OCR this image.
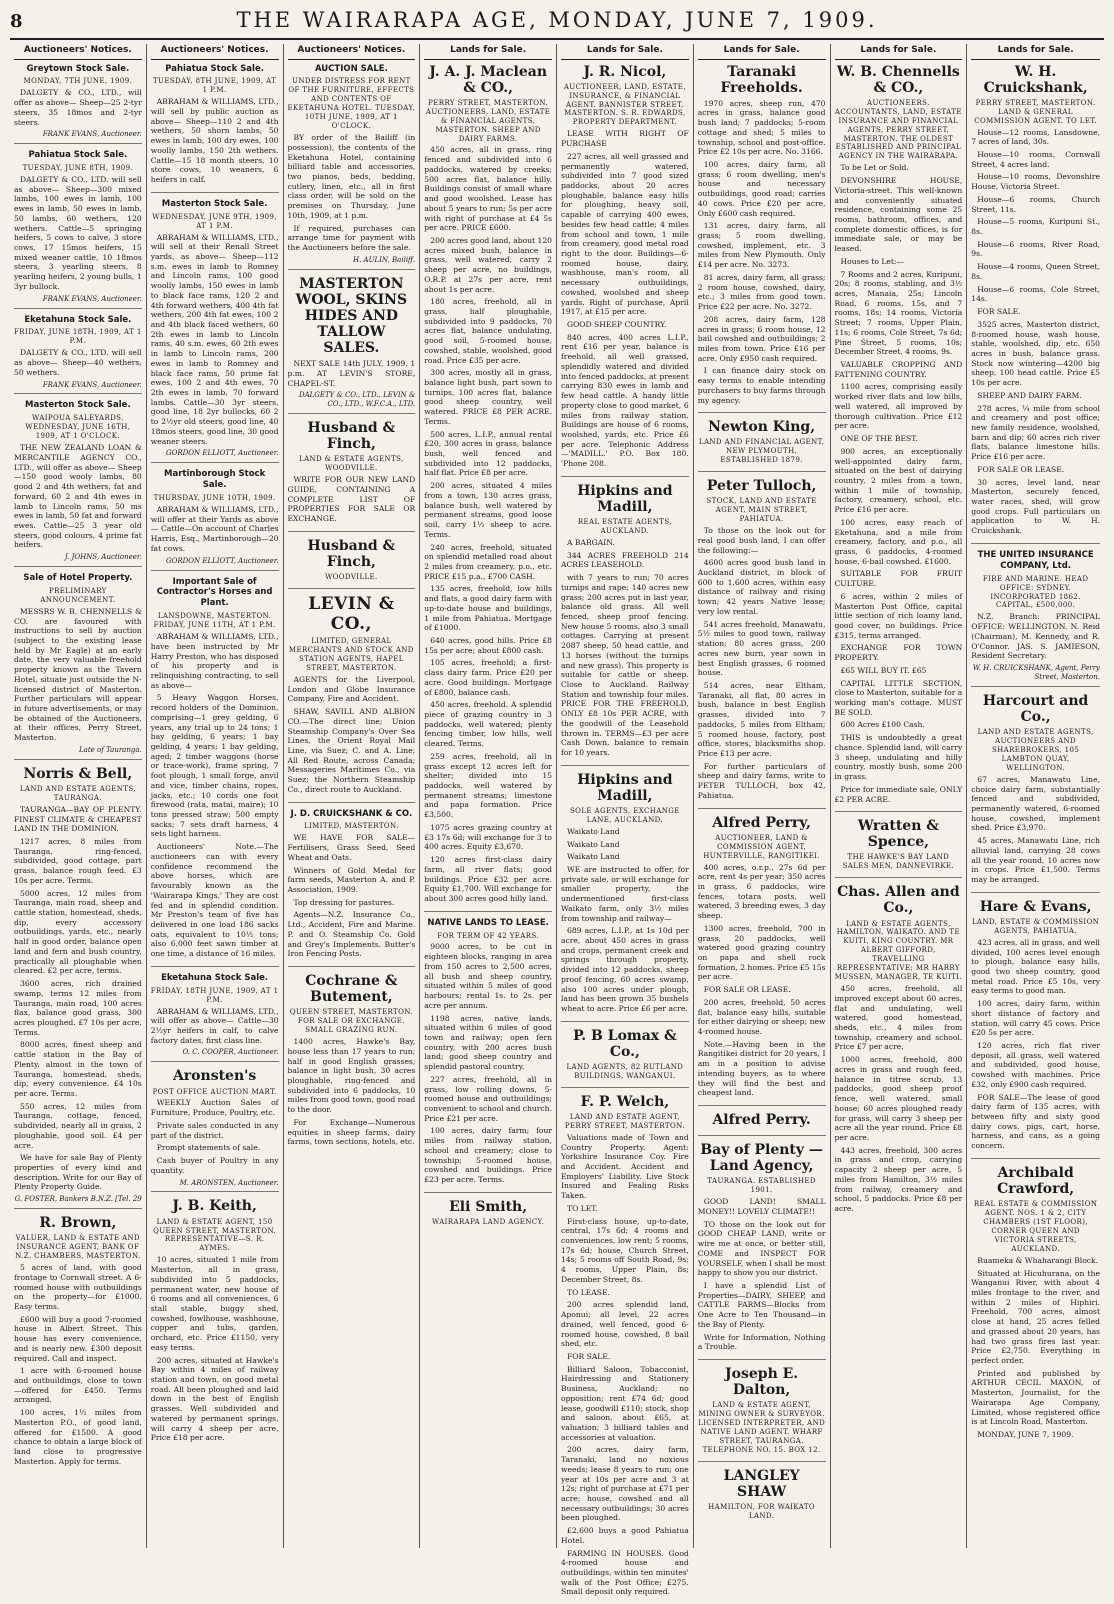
8	THE WAIRARAPA AGE, MONDAY, JUNE 7, 1909.
Auctioneers' Notices.
Greytown Stock Sale.
MONDAY, 7TH JUNE, 1909.

DALGETY & CO., LTD., will offer as above— Sheep—25 2-tyr steers, 35 18mos and 2-tyr steers.

FRANK EVANS, Auctioneer.
Pahiatua Stock Sale.
TUESDAY, JUNE 8TH, 1909.

DALGETY & CO., LTD. will sell as above— Sheep—300 mixed lambs, 100 ewes in lamb, 100 ewes in lamb, 50 ewes in lamb, 50 lambs, 60 wethers, 120 wethers. Cattle—5 springing heifers, 5 cows to calve, 3 store cows, 17 15mos heifers, 15 mixed weaner cattle, 10 18mos steers, 3 yearling steers, 8 yearling heifers, 2 young bulls, 1 3yr bullock.

FRANK EVANS, Auctioneer.
Eketahuna Stock Sale.
FRIDAY, JUNE 18TH, 1909, AT 1 P.M.

DALGETY & CO., LTD. will sell as above— Sheep—40 wethers, 50 wethers.

FRANK EVANS, Auctioneer.
Masterton Stock Sale.
WAIPOUA SALEYARDS. WEDNESDAY, JUNE 16TH, 1909, AT 1 O'CLOCK.

THE NEW ZEALAND LOAN & MERCANTILE AGENCY CO., LTD., will offer as above— Sheep—150 good wooly lambs, 80 good 2 and 4th wethers, fat and forward, 60 2 and 4th ewes in lamb to Lincoln rams, 50 ms ewes in lamb, 50 fat and forward ewes. Cattle—25 3 year old steers, good colours, 4 prime fat heifers.

J. JOHNS, Auctioneer.
Sale of Hotel Property.
PRELIMINARY ANNOUNCEMENT.

MESSRS W. B. CHENNELLS & CO. are favoured with instructions to sell by auction (subject to the existing lease held by Mr Eagle) at an early date, the very valuable freehold property known as the Tavern Hotel, situate just outside the N-licensed district of Masterton. Further particulars will appear in future advertisements, or may be obtained of the Auctioneers, at their offices, Perry Street, Masterton.

Late of Tauranga.
Norris & Bell,
LAND AND ESTATE AGENTS, TAURANGA.

TAURANGA—BAY OF PLENTY. FINEST CLIMATE & CHEAPEST LAND IN THE DOMINION.

1217 acres, 8 miles from Tauranga, ring-fenced, subdivided, good cottage, part grass, balance rough feed. £3 10s per acre. Terms.

5000 acres, 12 miles from Tauranga, main road, sheep and cattle station, homestead, sheds, dip, every accessory outbuildings, yards, etc., nearly half in good order, balance open land and fern and bush country, practically all ploughable when cleared. £2 per acre, terms.

3600 acres, rich drained swamp, terms 12 miles from Tauranga, main road, 100 acres flax, balance good grass, 300 acres ploughed. £7 10s per acre. Terms.

8000 acres, finest sheep and cattle station in the Bay of Plenty, almost in the town of Tauranga, homestead, sheds, dip, every convenience. £4 10s per acre. Terms.

550 acres, 12 miles from Tauranga, cottage, fenced, subdivided, nearly all in grass, 2 ploughable, good soil. £4 per acre.

We have for sale Bay of Plenty properties of every kind and description. Write for our Bay of Plenty Property Guide.

G. FOSTER, Bankers B.N.Z. [Tel. 29
R. Brown,
VALUER, LAND & ESTATE AND INSURANCE AGENT, BANK OF N.Z. CHAMBERS, MASTERTON.

5 acres of land, with good frontage to Cornwall street. A 6-roomed house with outbuildings on the property—for £1000. Easy terms.

£600 will buy a good 7-roomed house in Albert Street. This house has every convenience, and is nearly new. £300 deposit required. Call and inspect.

1 acre with 6-roomed house and outbuildings, close to town—offered for £450. Terms arranged.

100 acres, 1½ miles from Masterton P.O., of good land, offered for £1500. A good chance to obtain a large block of land close to progressive Masterton. Apply for terms.

Auctioneers' Notices.
Pahiatua Stock Sale.
TUESDAY, 8TH JUNE, 1909, AT 1 P.M.

ABRAHAM & WILLIAMS, LTD., will sell by public auction as above— Sheep—110 2 and 4th wethers, 50 shorn lambs, 50 ewes in lamb, 100 dry ewes, 100 woolly lambs, 150 2th wethers. Cattle—15 18 month steers, 10 store cows, 10 weaners, 6 heifers in calf.

Masterton Stock Sale.
WEDNESDAY, JUNE 9TH, 1909, AT 1 P.M.

ABRAHAM & WILLIAMS, LTD., will sell at their Renall Street yards, as above— Sheep—112 s.m. ewes in lamb to Romney and Lincoln rams, 100 good woolly lambs, 150 ewes in lamb to black face rams, 120 2 and 4th forward wethers, 400 4th fat wethers, 200 4th fat ewes, 100 2 and 4th black faced wethers, 60 2th ewes in lamb to Lincoln rams, 40 s.m. ewes, 60 2th ewes in lamb to Lincoln rams, 200 ewes in lamb to Romney and black face rams, 50 prime fat ewes, 100 2 and 4th ewes, 70 2th ewes in lamb, 70 forward lambs. Cattle—30 3yr steers, good line, 18 2yr bullocks, 60 2 to 2½yr old steers, good line, 40 18mos steers, good line, 30 good weaner steers.

GORDON ELLIOTT, Auctioneer.
Martinborough Stock Sale.
THURSDAY, JUNE 10TH, 1909.

ABRAHAM & WILLIAMS, LTD., will offer at their Yards as above— Cattle—On account of Charles Harris, Esq., Martinborough—20 fat cows.

GORDON ELLIOTT, Auctioneer.
Important Sale of Contractor's Horses and Plant.
LANSDOWNE, MASTERTON. FRIDAY, JUNE 11TH, AT 1 P.M.

ABRAHAM & WILLIAMS, LTD., have been instructed by Mr Harry Preston, who has disposed of his property and is relinquishing contracting, to sell as above—

5 Heavy Waggon Horses, record holders of the Dominion, comprising—1 grey gelding, 6 years, any trial up to 24 tons; 1 bay gelding, 6 years; 1 bay gelding, 4 years; 1 bay gelding, aged; 2 timber waggons (horse or trace-work), frame spring, 7 foot plough, 1 small forge, anvil and vice, timber chains, ropes, jacks, etc.; 10 cords one foot firewood (rata, matai, maire); 10 tons pressed straw; 500 empty sacks; 7 sets draft harness, 4 sets light harness.

Auctioneers' Note.—The auctioneers can with every confidence recommend the above horses, which are favourably known as the 'Wairarapa Kings.' They are cost fed and in splendid condition. Mr Preston's team of five has delivered in one load 186 sacks oats, equivalent to 10½ tons; also 6,000 feet sawn timber at one time, a distance of 16 miles.

Eketahuna Stock Sale.
FRIDAY, 18TH JUNE, 1909, AT 1 P.M.

ABRAHAM & WILLIAMS, LTD., will offer as above— Cattle—30 2½yr heifers in calf, to calve factory dates, first class line.

O. C. COOPER, Auctioneer.
Aronsten's
POST OFFICE AUCTION MART.

WEEKLY Auction Sales of Furniture, Produce, Poultry, etc.

Private sales conducted in any part of the district.

Prompt statements of sale.

Cash buyer of Poultry in any quantity.

M. ARONSTEN, Auctioneer.
J. B. Keith,
LAND & ESTATE AGENT, 150 QUEEN STREET, MASTERTON. REPRESENTATIVE—S. R. AYMES.

10 acres, situated 1 mile from Masterton, all in grass, subdivided into 5 paddocks, permanent water, new house of 6 rooms and all conveniences, 6 stall stable, buggy shed, cowshed, fowlhouse, washhouse, copper and tubs, garden, orchard, etc. Price £1150, very easy terms.

200 acres, situated at Hawke's Bay within 4 miles of railway station and town, on good metal road. All been ploughed and laid down in the best of English grasses. Well subdivided and watered by permanent springs, will carry 4 sheep per acre. Price £18 per acre.

Auctioneers' Notices.
AUCTION SALE.
UNDER DISTRESS FOR RENT OF THE FURNITURE, EFFECTS AND CONTENTS OF EKETAHUNA HOTEL. TUESDAY, 10TH JUNE, 1909, AT 1 O'CLOCK.

BY order of the Bailiff (in possession), the contents of the Eketahuna Hotel, containing billiard table and accessories, two pianos, beds, bedding, cutlery, linen, etc., all in first class order, will be sold on the premises on Thursday, June 10th, 1909, at 1 p.m.

If required, purchases can arrange time for payment with the Auctioneers before the sale.

H. AULIN, Bailiff.
MASTERTON WOOL, SKINS HIDES AND TALLOW SALES.

NEXT SALE 14th JULY, 1909. 1 p.m. AT LEVIN'S STORE, CHAPEL-ST.

DALGETY & CO., LTD., LEVIN & CO., LTD., W.F.C.A., LTD.
Husband & Finch,
LAND & ESTATE AGENTS, WOODVILLE.

WRITE FOR OUR NEW LAND GUIDE, CONTAINING A COMPLETE LIST OF PROPERTIES FOR SALE OR EXCHANGE.

Husband & Finch,
WOODVILLE.
LEVIN & CO.,
LIMITED, GENERAL MERCHANTS AND STOCK AND STATION AGENTS, HAPEL STREET, MASTERTON.

AGENTS for the Liverpool, London and Globe Insurance Company, Fire and Accident.

SHAW, SAVILL AND ALBION CO.—The direct line; Union Steamship Company's Over Sea Lines, the Orient Royal Mail Line, via Suez; C. and A. Line; All Red Route, across Canada; Messageries Maritimes Co., via Suez; the Northern Steamship Co., direct route to Auckland.

J. D. CRUICKSHANK & CO.
LIMITED, MASTERTON.

WE HAVE FOR SALE—Fertilisers, Grass Seed, Seed Wheat and Oats.

Winners of Gold Medal for farm seeds, Masterton A. and P. Association, 1909.

Top dressing for pastures.

Agents—N.Z. Insurance Co., Ltd., Accident, Fire and Marine. P. and O. Steamship Co. Gold and Grey's Implements. Butter's Iron Fencing Posts.

Cochrane & Butement,
QUEEN STREET, MASTERTON. FOR SALE OR EXCHANGE. SMALL GRAZING RUN.

1400 acres, Hawke's Bay, house less than 17 years to run; half in good English grasses, balance in light bush, 30 acres ploughable, ring-fenced and subdivided into 6 paddocks, 10 miles from good town, good road to the door.

For Exchange—Numerous equities in sheep farms, dairy farms, town sections, hotels, etc.

Lands for Sale.
J. A. J. Maclean & CO.,
PERRY STREET, MASTERTON. AUCTIONEERS, LAND, ESTATE & FINANCIAL AGENTS, MASTERTON. SHEEP AND DAIRY FARMS.

450 acres, all in grass, ring fenced and subdivided into 6 paddocks, watered by creeks; 500 acres flat, balance hilly. Buildings consist of small whare and good woolshed. Lease has about 5 years to run; 5s per acre with right of purchase at £4 5s per acre. PRICE £600.

200 acres good land, about 120 acres mixed bush, balance in grass, well watered, carry 2 sheep per acre, no buildings, O.R.P. at 27s per acre, rent about 1s per acre.

180 acres, freehold, all in grass, half ploughable, subdivided into 9 paddocks, 70 acres flat, balance undulating, good soil, 5-roomed house, cowshed, stable, woolshed, good road. Price £35 per acre.

300 acres, mostly all in grass, balance light bush, part sown to turnips, 100 acres flat, balance good sheep country, well watered. PRICE £8 PER ACRE. Terms.

500 acres, L.I.P., annual rental £20, 300 acres in grass, balance bush, well fenced and subdivided into 12 paddocks, half flat. Price £8 per acre.

200 acres, situated 4 miles from a town, 130 acres grass, balance bush, well watered by permanent streams, good loose soil, carry 1½ sheep to acre. Terms.

240 acres, freehold, situated on splendid metalled road about 2 miles from creamery, p.o., etc. PRICE £15 p.a., £700 CASH.

135 acres, freehold, low hills and flats, a good dairy farm with up-to-date house and buildings, 1 mile from Pahiatua. Mortgage of £1000.

640 acres, good hills. Price £8 15s per acre; about £800 cash.

105 acres, freehold; a first-class dairy farm. Price £20 per acre. Good buildings. Mortgage of £800, balance cash.

450 acres, freehold. A splendid piece of grazing country in 3 paddocks, well watered; plenty fencing timber, low hills, well cleared. Terms.

259 acres, freehold, all in grass except 12 acres left for shelter; divided into 15 paddocks, well watered by permanent streams; limestone and papa formation. Price £3,500.

1075 acres grazing country at £3 17s 6d; will exchange for 3 to 400 acres. Equity £3,670.

120 acres first-class dairy farm, all river flats; good buildings. Price £32 per acre. Equity £1,700. Will exchange for about 300 acres good hilly land.

NATIVE LANDS TO LEASE.
FOR TERM OF 42 YEARS.

9000 acres, to be cut in eighteen blocks, ranging in area from 150 acres to 2,500 acres, all bush and sheep country, situated within 5 miles of good harbours; rental 1s. to 2s. per acre per annum.

1198 acres, native lands, situated within 6 miles of good town and railway; open fern country, with 200 acres bush land; good sheep country and splendid pastoral country.

227 acres, freehold, all in grass, low rolling downs, 5-roomed house and outbuildings; convenient to school and church. Price £21 per acre.

100 acres, dairy farm; four miles from railway station, school and creamery; close to township; 5-roomed house, cowshed and buildings. Price £23 per acre. Terms.

Eli Smith,
WAIRARAPA LAND AGENCY.
Lands for Sale.
J. R. Nicol,
AUCTIONEER, LAND, ESTATE, INSURANCE, & FINANCIAL AGENT. BANNISTER STREET, MASTERTON. S. R. EDWARDS, PROPERTY DEPARTMENT.

LEASE WITH RIGHT OF PURCHASE

227 acres, all well grassed and permanently watered, subdivided into 7 good sized paddocks, about 20 acres ploughable, balance easy hills for ploughing, heavy soil, capable of carrying 400 ewes, besides few head cattle; 4 miles from school and town, 1 mile from creamery, good metal road right to the door. Buildings—6-roomed house, dairy, washhouse, man's room, all necessary outbuildings, cowshed, woolshed and sheep yards. Right of purchase, April 1917, at £15 per acre.

GOOD SHEEP COUNTRY.

840 acres, 400 acres L.I.P., rent £16 per year, balance is freehold, all well grassed, splendidly watered and divided into fenced paddocks, at present carrying 830 ewes in lamb and few head cattle. A handy little property close to good market, 6 miles from railway station. Buildings are house of 6 rooms, woolshed, yards, etc. Price £6 per acre. Telephonic Address—'MADILL.' P.O. Box 180. 'Phone 208.

Hipkins and Madill,
REAL ESTATE AGENTS, AUCKLAND.

A BARGAIN.

344 ACRES FREEHOLD 214 ACRES LEASEHOLD.

with 7 years to run; 70 acres turnips and rape; 140 acres new grass; 200 acres put in last year, balance old grass. All well fenced, sheep proof fencing. New house 5 rooms, also 3 small cottages. Carrying at present 2087 sheep, 50 head cattle, and 13 horses (without the turnips and new grass). This property is suitable for cattle or sheep. Close to Auckland. Railway Station and township four miles. PRICE FOR THE FREEHOLD, ONLY £8 10s PER ACRE, with the goodwill of the Leasehold thrown in. TERMS—£3 per acre Cash Down, balance to remain for 10 years.

Hipkins and Madill,
SOLE AGENTS, EXCHANGE LANE, AUCKLAND.

Waikato Land

Waikato Land

Waikato Land

WE are instructed to offer, for private sale, or will exchange for smaller property, the undermentioned first-class Waikato farm, only 3½ miles from township and railway—

689 acres, L.I.P., at 1s 10d per acre, about 450 acres in grass and crops, permanent creek and springs through property, divided into 12 paddocks, sheep proof fencing, 60 acres swamp, also 100 acres under plough, land has been grown 35 bushels wheat to acre. Price £6 per acre.

P. B Lomax & Co.,
LAND AGENTS, 82 RUTLAND BUILDINGS, WANGANUI.
F. P. Welch,
LAND AND ESTATE AGENT, PERRY STREET, MASTERTON.

Valuations made of Town and Country Property. Agent: Yorkshire Insurance Coy. Fire and Accident. Accident and Employers' Liability. Live Stock Insured and Fealing Risks Taken.

TO LET.

First-class house, up-to-date, central, 17s 6d; 4 rooms and conveniences, low rent; 5 rooms, 17s 6d; house, Church Street, 14s; 5 rooms off South Road, 9s; 4 rooms, Upper Plain, 8s; December Street, 8s.

TO LEASE.

200 acres splendid land, Aponui; all level, 22 acres drained, well fenced, good 6-roomed house, cowshed, 8 bail shed, etc.

FOR SALE.

Billiard Saloon, Tobacconist, Hairdressing and Stationery Business, Auckland; no opposition; rent £74 6d; good lease, goodwill £110; stock, shop and saloon, about £65, at valuation; 3 billiard tables and accessories at valuation.

200 acres, dairy farm, Taranaki, land no noxious weeds; lease 8 years to run; one year at 10s per acre and 3 at 12s; right of purchase at £71 per acre; house, cowshed and all necessary outbuildings; 30 acres been ploughed.

£2,600 buys a good Pahiatua Hotel.

FARMING IN HOUSES. Good 4-roomed house and outbuildings, within ten minutes' walk of the Post Office; £275. Small deposit only required.

Lands for Sale.
Taranaki Freeholds.

1970 acres, sheep run, 470 acres in grass, balance good bush land; 7 paddocks; 5-room cottage and shed; 5 miles to township, school and post-office. Price £2 10s per acre. No. 3166.

100 acres, dairy farm, all grass; 6 room dwelling, men's house and necessary outbuildings, good road; carries 40 cows. Price £20 per acre. Only £600 cash required.

131 acres, dairy farm, all grass; 5 room dwelling, cowshed, implement, etc. 3 miles from New Plymouth. Only £14 per acre. No. 3273.

81 acres, dairy farm, all grass; 2 room house, cowshed, dairy, etc.; 3 miles from good town. Price £22 per acre. No. 3272.

208 acres, dairy farm, 128 acres in grass; 6 room house, 12 bail cowshed and outbuildings; 2 miles from town. Price £16 per acre. Only £950 cash required.

I can finance dairy stock on easy terms to enable intending purchasers to buy farms through my agency.

Newton King,
LAND AND FINANCIAL AGENT, NEW PLYMOUTH, ESTABLISHED 1879.
Peter Tulloch,
STOCK, LAND AND ESTATE AGENT, MAIN STREET, PAHIATUA.

To those on the look out for real good bush land, I can offer the following:—

4600 acres good bush land in Auckland district, in block of 600 to 1,600 acres, within easy distance of railway and rising town; 42 years Native lease; very low rental.

541 acres freehold, Manawatu, 5½ miles to good town, railway station; 80 acres grass, 200 acres new burn, year sown in best English grasses, 6 roomed house.

514 acres, near Eltham, Taranaki, all flat, 80 acres in bush, balance in best English grasses, divided into 7 paddocks, 5 miles from Eltham; 5 roomed house, factory, post office, stores, blacksmiths shop. Price £13 per acre.

For further particulars of sheep and dairy farms, write to PETER TULLOCH, box 42, Pahiatua.

Alfred Perry,
AUCTIONEER, LAND & COMMISSION AGENT, HUNTERVILLE, RANGITIKEI.

400 acres, o.r.p., 27s 6d per acre, rent 4s per year; 350 acres in grass, 6 paddocks, wire fences, totara posts, well watered, 3 breeding ewes, 3 day sheep.

1300 acres, freehold, 700 in grass, 20 paddocks, well watered good grazing country on papa and shell rock formation, 2 homes. Price £5 15s per acre.

FOR SALE OR LEASE.

200 acres, freehold, 50 acres flat, balance easy hills, suitable for either dairying or sheep; new 4-roomed house.

Note.—Having been in the Rangitikei district for 20 years, I am in a position to advise intending buyers, as to where they will find the best and cheapest land.

Alfred Perry.
Bay of Plenty — Land Agency,
TAURANGA. ESTABLISHED 1901.

GOOD LAND! SMALL MONEY!! LOVELY CLIMATE!!

TO those on the look out for GOOD CHEAP LAND, write or wire me at once, or better still, COME and INSPECT FOR YOURSELF, when I shall be most happy to show you our district.

I have a splendid List of Properties—DAIRY, SHEEP, and CATTLE FARMS—Blocks from One Acre to Ten Thousand—in the Bay of Plenty.

Write for Information, Nothing a Trouble.

Joseph E. Dalton,
LAND & ESTATE AGENT, MINING OWNER & SURVEYOR. LICENSED INTERPRETER, AND NATIVE LAND AGENT. WHARF STREET, TAURANGA. TELEPHONE NO. 15. BOX 12.
LANGLEY SHAW
HAMILTON, FOR WAIKATO LAND.
Lands for Sale.
W. B. Chennells & CO.,
AUCTIONEERS, ACCOUNTANTS, LAND, ESTATE INSURANCE AND FINANCIAL AGENTS, PERRY STREET, MASTERTON. THE OLDEST ESTABLISHED AND PRINCIPAL AGENCY IN THE WAIRARAPA.

To be Let or Sold.

DEVONSHIRE HOUSE, Victoria-street. This well-known and conveniently situated residence, containing some 25 rooms, bathroom, offices, and complete domestic offices, is for immediate sale, or may be leased.

Houses to Let:—

7 Rooms and 2 acres, Kuripuni, 20s; 8 rooms, stabling, and 3½ acres, Manaia, 25s; Lincoln Road, 6 rooms, 15s, and 7 rooms, 18s; 14 rooms, Victoria Street; 7 rooms, Upper Plain, 11s; 6 rooms, Cole Street, 7s 6d; Pine Street, 5 rooms, 10s; December Street, 4 rooms, 9s.

VALUABLE CROPPING AND FATTENING COUNTRY.

1100 acres, comprising easily worked river flats and low hills, well watered, all improved by thorough cultivation. Price £12 per acre.

ONE OF THE BEST.

900 acres, an exceptionally well-appointed dairy farm, situated on the best of dairying country, 2 miles from a town, within 1 mile of township, factory, creamery, school, etc. Price £16 per acre.

100 acres, easy reach of Eketahuna, and a mile from creamery, factory, and p.o., all grass, 6 paddocks, 4-roomed house, 6-bail cowshed. £1600.

SUITABLE FOR FRUIT CULTURE.

6 acres, within 2 miles of Masterton Post Office, capital little section of rich loamy land, good cover, no buildings. Price £315, terms arranged.

EXCHANGE FOR TOWN PROPERTY.

£65 WILL BUY IT. £65

CAPITAL LITTLE SECTION, close to Masterton, suitable for a working man's cottage. MUST BE SOLD.

600 Acres £100 Cash.

THIS is undoubtedly a great chance. Splendid land, will carry 3 sheep, undulating and hilly country, mostly bush, some 200 in grass.

Price for immediate sale, ONLY £2 PER ACRE.

Wratten & Spence,
THE HAWKE'S BAY LAND SALES MEN, DANNEVIRKE.
Chas. Allen and Co.,
LAND & ESTATE AGENTS, HAMILTON, WAIKATO. AND TE KUITI, KING COUNTRY. MR ALBERT GIFFORD, TRAVELLING REPRESENTATIVE; MR HARRY MUSSEN, MANAGER, TE KUITI.

450 acres, freehold, all improved except about 60 acres, flat and undulating, well watered, good homestead, sheds, etc., 4 miles from township, creamery and school. Price £7 per acre.

1000 acres, freehold, 800 acres in grass and rough feed, balance in titree scrub, 13 paddocks, good sheep proof fence, well watered, small house; 60 acres ploughed ready for grass, will carry 3 sheep per acre all the year round. Price £8 per acre.

443 acres, freehold, 300 acres in grass and crop, carrying capacity 2 sheep per acre, 5 miles from Hamilton, 3½ miles from railway, creamery and school, 5 paddocks. Price £8 per acre.

Lands for Sale.
W. H. Cruickshank,
PERRY STREET, MASTERTON. LAND & GENERAL COMMISSION AGENT. TO LET.

House—12 rooms, Lansdowne, 7 acres of land, 30s.

House—10 rooms, Cornwall Street, 4 acres land.

House—10 rooms, Devonshire House, Victoria Street.

House—6 rooms, Church Street, 11s.

House—5 rooms, Kuripuni St., 8s.

House—6 rooms, River Road, 9s.

House—4 rooms, Queen Street, 8s.

House—6 rooms, Cole Street, 14s.

FOR SALE.

3525 acres, Masterton district, 8-roomed house, wash house, stable, woolshed, dip, etc. 650 acres in bush, balance grass. Stock now wintering—4200 big sheep, 100 head cattle. Price £5 10s per acre.

SHEEP AND DAIRY FARM.

278 acres, ¼ mile from school and creamery and post office; new family residence, woolshed, barn and dip; 60 acres rich river flats, balance limestone hills. Price £16 per acre.

FOR SALE OR LEASE.

30 acres, level land, near Masterton, securely fenced, water races, shed, will grow good crops. Full particulars on application to W. H. Cruickshank.

THE UNITED INSURANCE COMPANY, Ltd.
FIRE AND MARINE. HEAD OFFICE: SYDNEY. INCORPORATED 1862. CAPITAL, £500,000.

N.Z. Branch: PRINCIPAL OFFICE: WELLINGTON. N. Reid (Chairman), M. Kennedy, and R. O'Connor. JAS. S. JAMIESON, Resident Secretary.

W. H. CRUICKSHANK, Agent, Perry Street, Masterton.
Harcourt and Co.,
LAND AND ESTATE AGENTS, AUCTIONEERS AND SHAREBROKERS, 105 LAMBTON QUAY, WELLINGTON.

67 acres, Manawatu Line, choice dairy farm, substantially fenced and subdivided, permanently watered, 6-roomed house, cowshed, implement shed. Price £3,970.

45 acres, Manawatu Line, rich alluvial land, carrying 28 cows all the year round, 10 acres now in crops. Price £1,500. Terms may be arranged.

Hare & Evans,
LAND, ESTATE & COMMISSION AGENTS, PAHIATUA.

423 acres, all in grass, and well divided, 100 acres level enough to plough, balance easy hills, good two sheep country, good metal road. Price £5 10s, very easy terms to good man.

100 acres, dairy farm, within short distance of factory and station, will carry 45 cows. Price £20 5s per acre.

120 acres, rich flat river deposit, all grass, well watered and subdivided, good house, cowshed with machines. Price £32, only £900 cash required.

FOR SALE—The lease of good dairy farm of 135 acres, with between fifty and sixty good dairy cows, pigs, cart, horse, harness, and cans, as a going concern.

Archibald Crawford,
REAL ESTATE & COMMISSION AGENT. NOS. 1 & 2, CITY CHAMBERS (1ST FLOOR), CORNER QUEEN AND VICTORIA STREETS, AUCKLAND.

Ruameka & Whaharangi Block.

Situated at Hicuhurana, on the Wanganui River, with about 4 miles frontage to the river, and within 2 miles of Hiphiri. Freehold, 700 acres, almost close at hand, 25 acres felled and grassed about 20 years, has had two grass fires last year. Price £2,750. Everything in perfect order.

Printed and published by ARTHUR CECIL MAXON, of Masterton, Journalist, for the Wairarapa Age Company, Limited, whose registered office is at Lincoln Road, Masterton.

MONDAY, JUNE 7, 1909.
